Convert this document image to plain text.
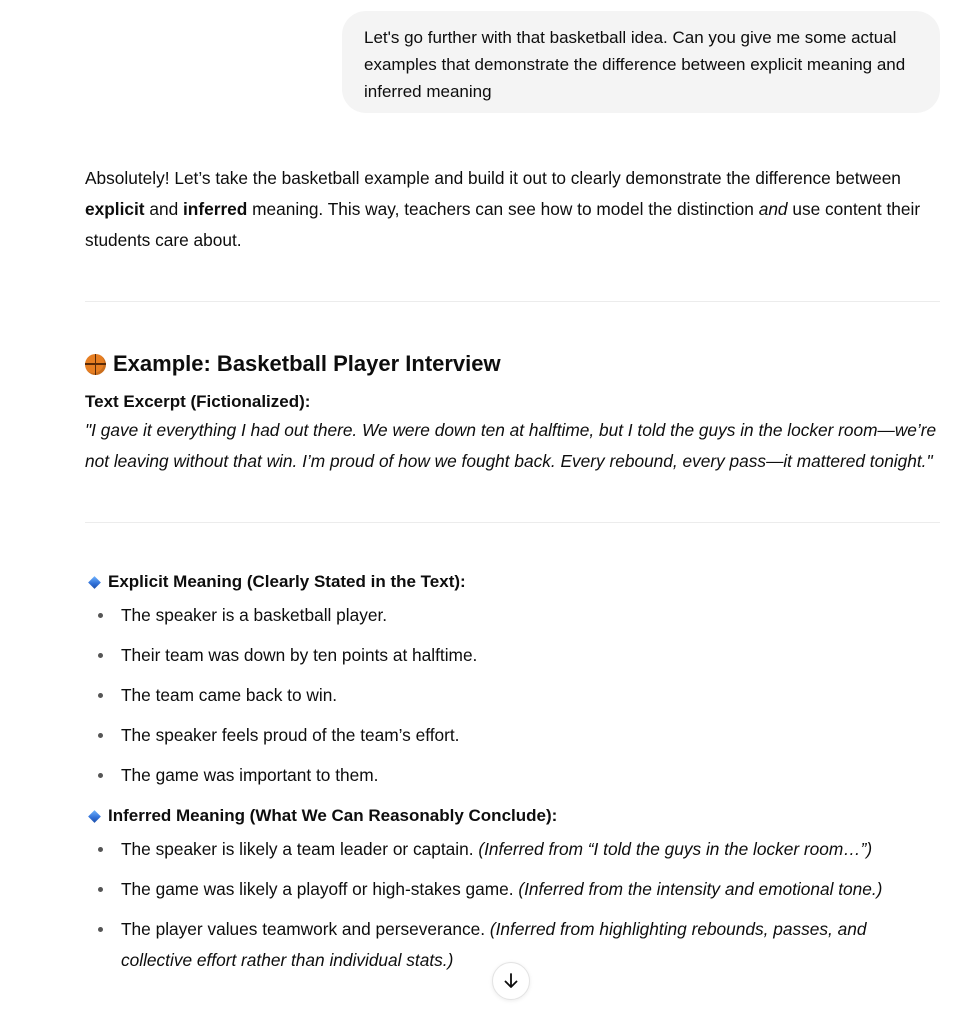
Let's go further with that basketball idea. Can you give me some actual examples that demonstrate the difference between explicit meaning and inferred meaning

Absolutely! Let’s take the basketball example and build it out to clearly demonstrate the difference between explicit and inferred meaning. This way, teachers can see how to model the distinction and use content their students care about.

Example: Basketball Player Interview

Text Excerpt (Fictionalized):

"I gave it everything I had out there. We were down ten at halftime, but I told the guys in the locker room—we’re not leaving without that win. I’m proud of how we fought back. Every rebound, every pass—it mattered tonight."

Explicit Meaning (Clearly Stated in the Text):

The speaker is a basketball player.
Their team was down by ten points at halftime.
The team came back to win.
The speaker feels proud of the team’s effort.
The game was important to them.

Inferred Meaning (What We Can Reasonably Conclude):

The speaker is likely a team leader or captain. (Inferred from “I told the guys in the locker room…”)
The game was likely a playoff or high-stakes game. (Inferred from the intensity and emotional tone.)
The player values teamwork and perseverance. (Inferred from highlighting rebounds, passes, and collective effort rather than individual stats.)
